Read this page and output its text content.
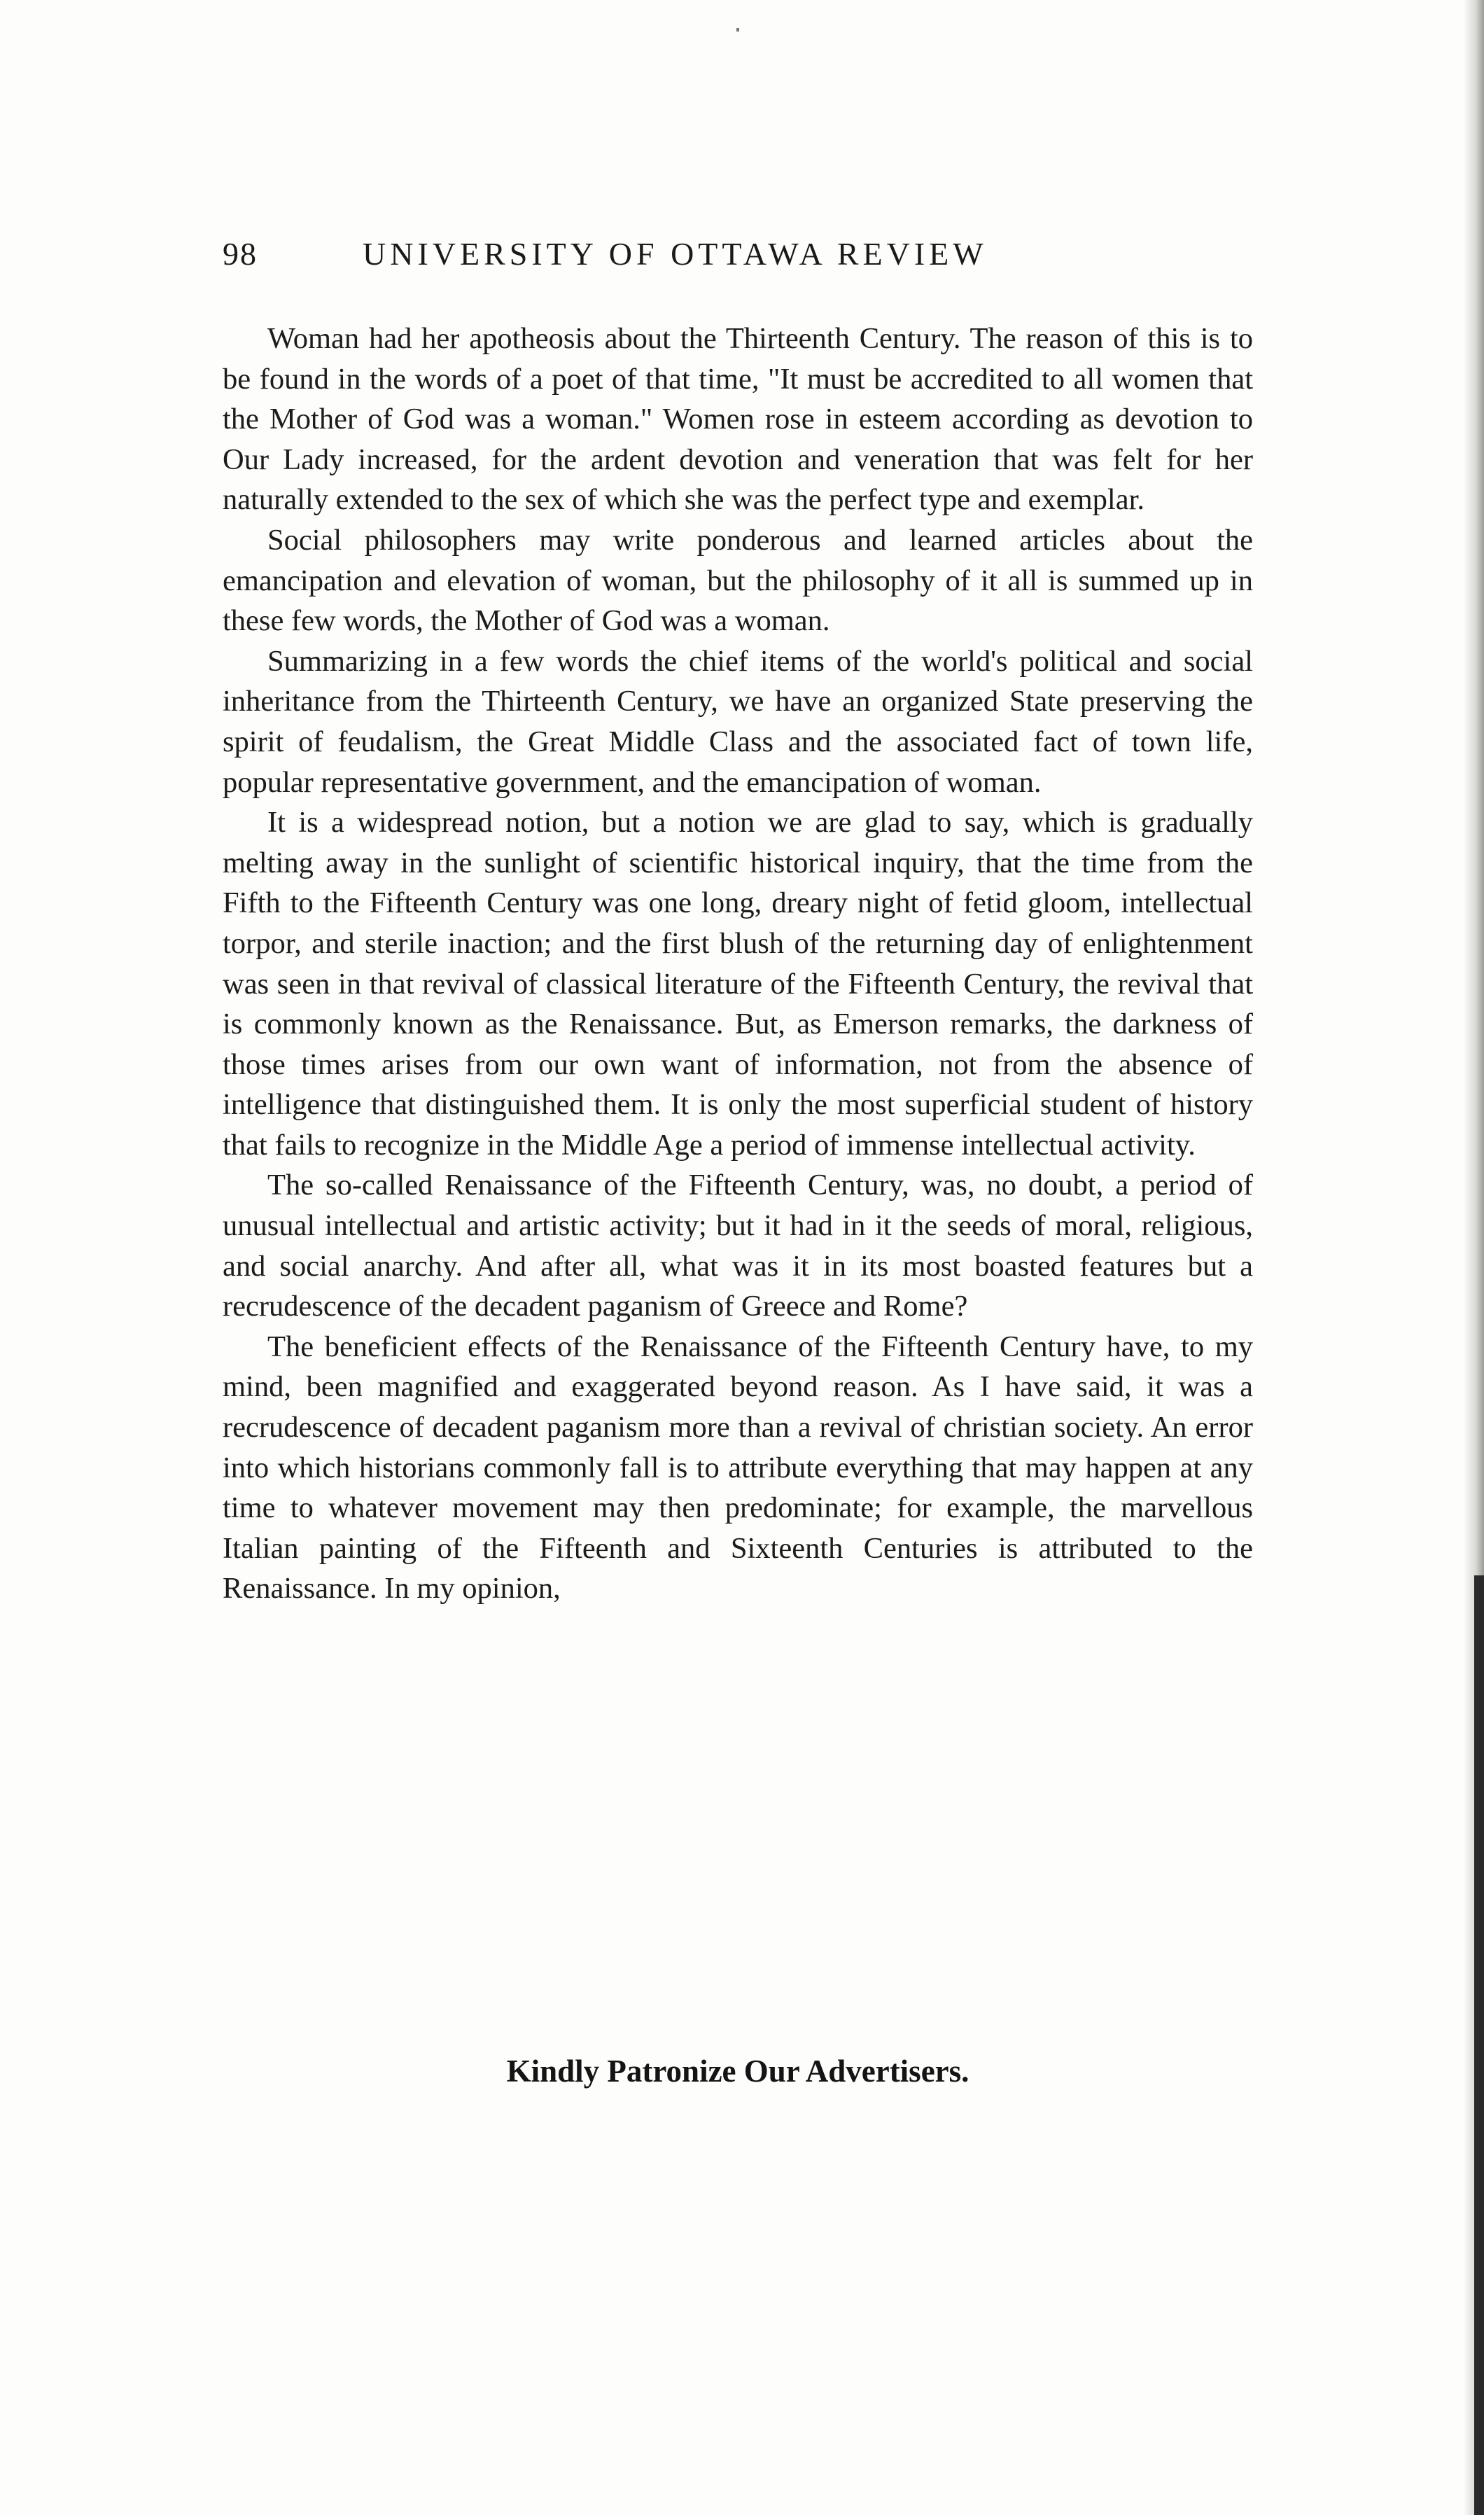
98	UNIVERSITY OF OTTAWA REVIEW

Woman had her apotheosis about the Thirteenth Century. The reason of this is to be found in the words of a poet of that time, "It must be accredited to all women that the Mother of God was a woman." Women rose in esteem according as devotion to Our Lady increased, for the ardent devotion and veneration that was felt for her naturally extended to the sex of which she was the perfect type and exemplar.

Social philosophers may write ponderous and learned articles about the emancipation and elevation of woman, but the philosophy of it all is summed up in these few words, the Mother of God was a woman.

Summarizing in a few words the chief items of the world's political and social inheritance from the Thirteenth Century, we have an organized State preserving the spirit of feudalism, the Great Middle Class and the associated fact of town life, popular representative government, and the emancipation of woman.

It is a widespread notion, but a notion we are glad to say, which is gradually melting away in the sunlight of scientific historical inquiry, that the time from the Fifth to the Fifteenth Century was one long, dreary night of fetid gloom, intellectual torpor, and sterile inaction; and the first blush of the returning day of enlightenment was seen in that revival of classical literature of the Fifteenth Century, the revival that is commonly known as the Renaissance. But, as Emerson remarks, the darkness of those times arises from our own want of information, not from the absence of intelligence that distinguished them. It is only the most superficial student of history that fails to recognize in the Middle Age a period of immense intellectual activity.

The so-called Renaissance of the Fifteenth Century, was, no doubt, a period of unusual intellectual and artistic activity; but it had in it the seeds of moral, religious, and social anarchy. And after all, what was it in its most boasted features but a recrudescence of the decadent paganism of Greece and Rome?

The beneficient effects of the Renaissance of the Fifteenth Century have, to my mind, been magnified and exaggerated beyond reason. As I have said, it was a recrudescence of decadent paganism more than a revival of christian society. An error into which historians commonly fall is to attribute everything that may happen at any time to whatever movement may then predominate; for example, the marvellous Italian painting of the Fifteenth and Sixteenth Centuries is attributed to the Renaissance. In my opinion,

Kindly Patronize Our Advertisers.
